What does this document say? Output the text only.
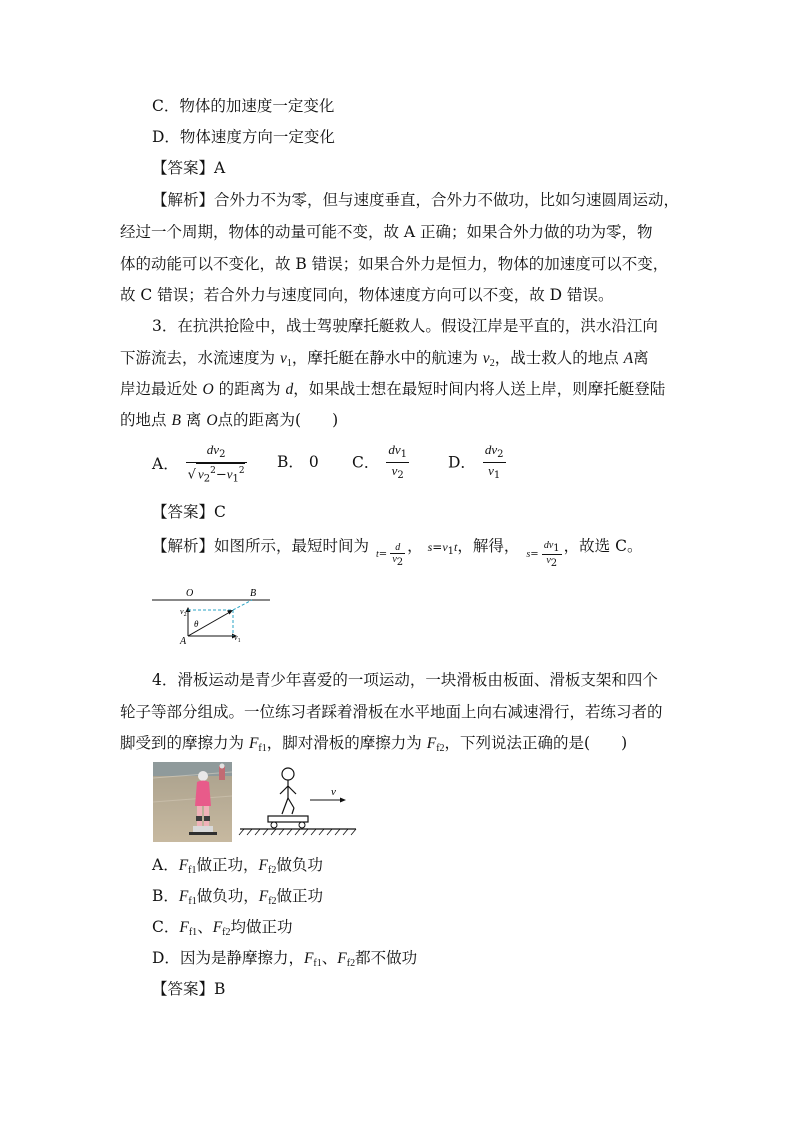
C．物体的加速度一定变化
D．物体速度方向一定变化
【答案】A
【解析】合外力不为零，但与速度垂直，合外力不做功，比如匀速圆周运动，
经过一个周期，物体的动量可能不变，故 A 正确；如果合外力做的功为零，物
体的动能可以不变化，故 B 错误；如果合外力是恒力，物体的加速度可以不变，
故 C 错误；若合外力与速度同向，物体速度方向可以不变，故 D 错误。
3．在抗洪抢险中，战士驾驶摩托艇救人。假设江岸是平直的，洪水沿江向
下游流去，水流速度为 $v_1$，摩托艇在静水中的航速为 $v_2$，战士救人的地点 A离
岸边最近处 O 的距离为 d，如果战士想在最短时间内将人送上岸，则摩托艇登陆
的地点 B 离 O点的距离为(　　)
A． $\frac{dv_2}{√ v_2^2-v_1^2}$ B． 0 C． $\frac{dv_1}{v_2}$	D． $\frac{dv_2}{v_1}$
【答案】C
【解析】如图所示，最短时间为 $t= \frac{d}{v_2}$ ， $s=v_1t$，解得， $s= \frac{dv_1}{v_2}$ ，故选 C。
O	B
θ
A
$v_2$
$v_1$
4．滑板运动是青少年喜爱的一项运动，一块滑板由板面、滑板支架和四个
轮子等部分组成。一位练习者踩着滑板在水平地面上向右减速滑行，若练习者的
脚受到的摩擦力为 $F_{f1}$，脚对滑板的摩擦力为 $F_{f2}$，下列说法正确的是(　　)
v
A．$F_{f1}$做正功，$F_{f2}$做负功
B．$F_{f1}$做负功，$F_{f2}$做正功
C．$F_{f1}$、$F_{f2}$均做正功
D．因为是静摩擦力，$F_{f1}$、$F_{f2}$都不做功
【答案】B
